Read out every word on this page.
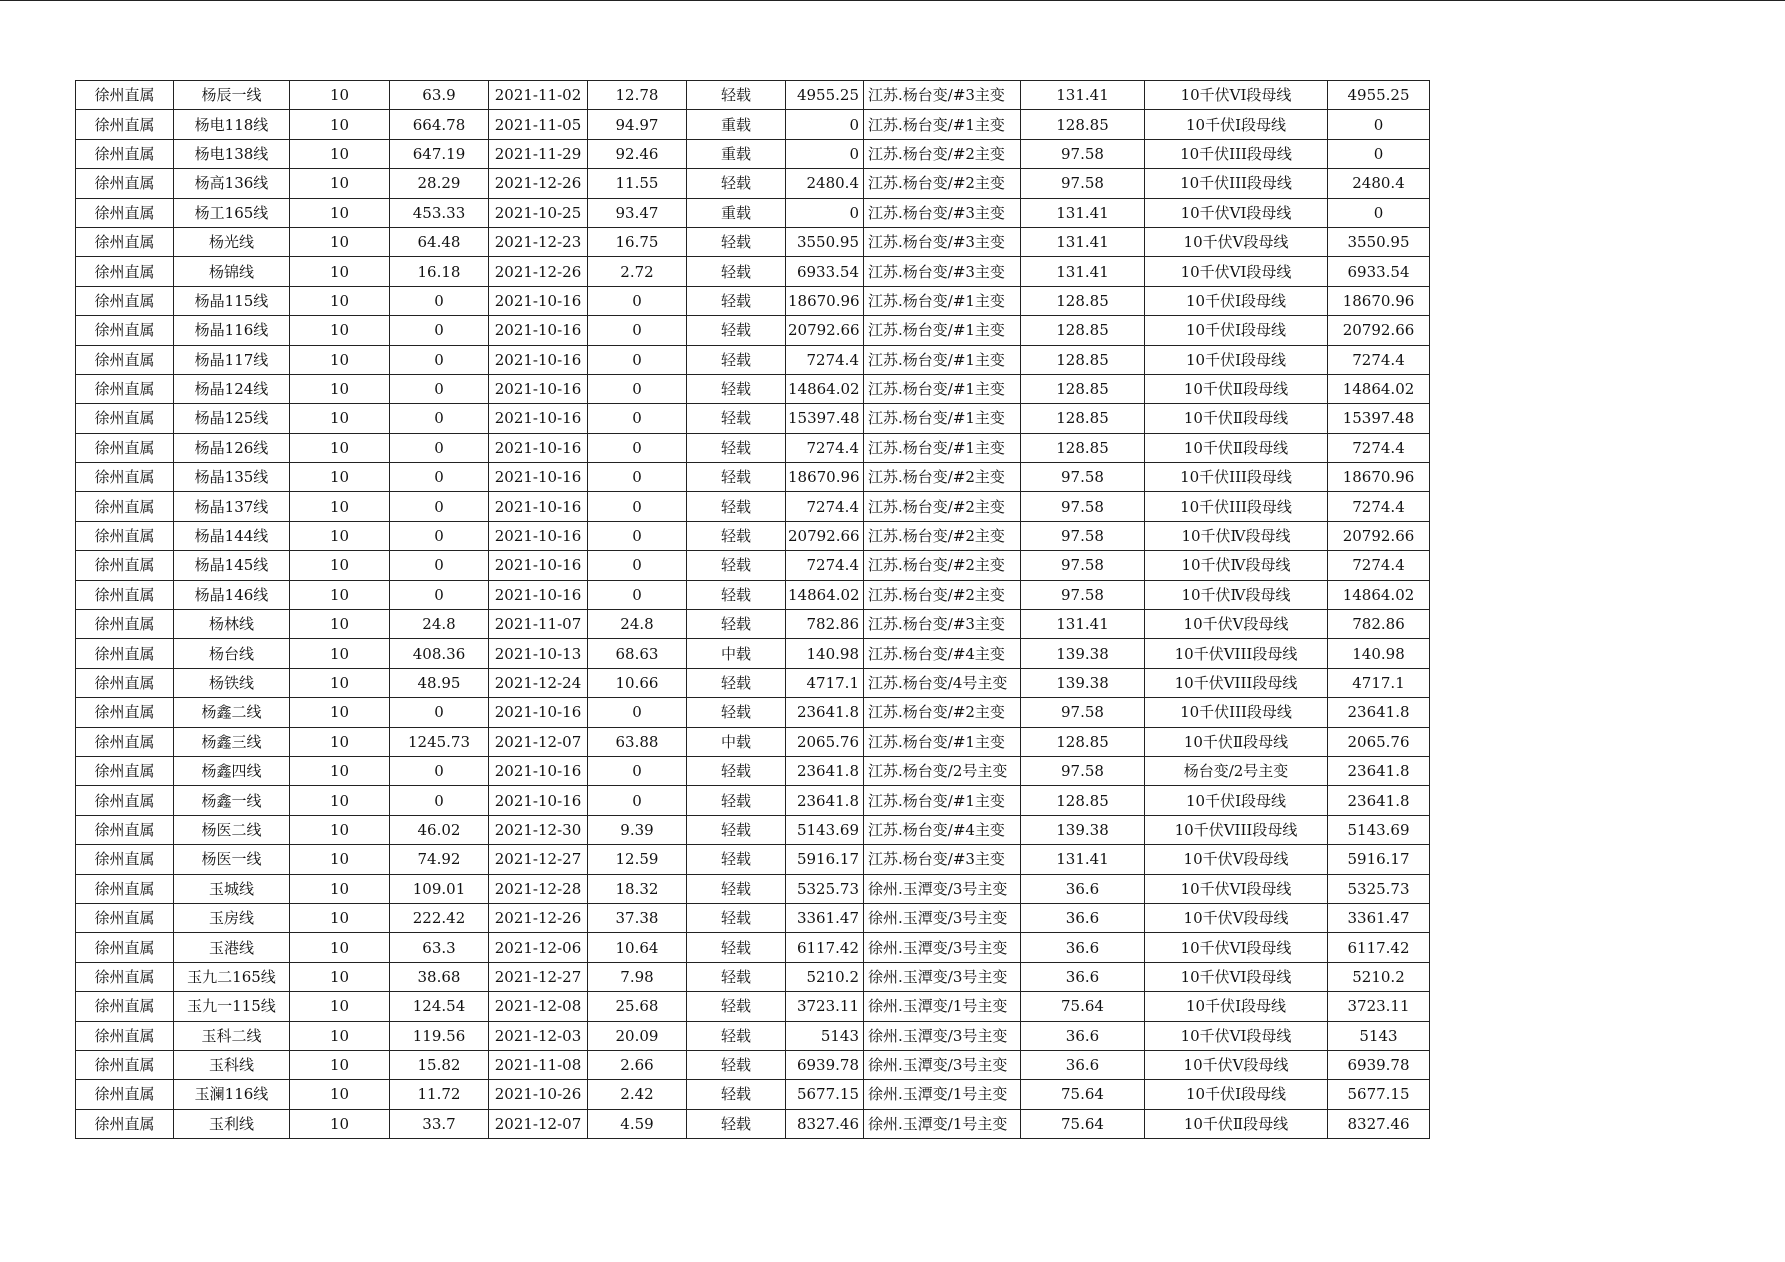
徐州直属	杨辰一线	10	63.9	2021-11-02	12.78	轻载	4955.25	江苏.杨台变/#3主变	131.41	10千伏VI段母线	4955.25
徐州直属	杨电118线	10	664.78	2021-11-05	94.97	重载	0	江苏.杨台变/#1主变	128.85	10千伏Ⅰ段母线	0
徐州直属	杨电138线	10	647.19	2021-11-29	92.46	重载	0	江苏.杨台变/#2主变	97.58	10千伏III段母线	0
徐州直属	杨高136线	10	28.29	2021-12-26	11.55	轻载	2480.4	江苏.杨台变/#2主变	97.58	10千伏III段母线	2480.4
徐州直属	杨工165线	10	453.33	2021-10-25	93.47	重载	0	江苏.杨台变/#3主变	131.41	10千伏VI段母线	0
徐州直属	杨光线	10	64.48	2021-12-23	16.75	轻载	3550.95	江苏.杨台变/#3主变	131.41	10千伏Ⅴ段母线	3550.95
徐州直属	杨锦线	10	16.18	2021-12-26	2.72	轻载	6933.54	江苏.杨台变/#3主变	131.41	10千伏VI段母线	6933.54
徐州直属	杨晶115线	10	0	2021-10-16	0	轻载	18670.96	江苏.杨台变/#1主变	128.85	10千伏Ⅰ段母线	18670.96
徐州直属	杨晶116线	10	0	2021-10-16	0	轻载	20792.66	江苏.杨台变/#1主变	128.85	10千伏Ⅰ段母线	20792.66
徐州直属	杨晶117线	10	0	2021-10-16	0	轻载	7274.4	江苏.杨台变/#1主变	128.85	10千伏Ⅰ段母线	7274.4
徐州直属	杨晶124线	10	0	2021-10-16	0	轻载	14864.02	江苏.杨台变/#1主变	128.85	10千伏Ⅱ段母线	14864.02
徐州直属	杨晶125线	10	0	2021-10-16	0	轻载	15397.48	江苏.杨台变/#1主变	128.85	10千伏Ⅱ段母线	15397.48
徐州直属	杨晶126线	10	0	2021-10-16	0	轻载	7274.4	江苏.杨台变/#1主变	128.85	10千伏Ⅱ段母线	7274.4
徐州直属	杨晶135线	10	0	2021-10-16	0	轻载	18670.96	江苏.杨台变/#2主变	97.58	10千伏III段母线	18670.96
徐州直属	杨晶137线	10	0	2021-10-16	0	轻载	7274.4	江苏.杨台变/#2主变	97.58	10千伏III段母线	7274.4
徐州直属	杨晶144线	10	0	2021-10-16	0	轻载	20792.66	江苏.杨台变/#2主变	97.58	10千伏Ⅳ段母线	20792.66
徐州直属	杨晶145线	10	0	2021-10-16	0	轻载	7274.4	江苏.杨台变/#2主变	97.58	10千伏Ⅳ段母线	7274.4
徐州直属	杨晶146线	10	0	2021-10-16	0	轻载	14864.02	江苏.杨台变/#2主变	97.58	10千伏Ⅳ段母线	14864.02
徐州直属	杨林线	10	24.8	2021-11-07	24.8	轻载	782.86	江苏.杨台变/#3主变	131.41	10千伏Ⅴ段母线	782.86
徐州直属	杨台线	10	408.36	2021-10-13	68.63	中载	140.98	江苏.杨台变/#4主变	139.38	10千伏VIII段母线	140.98
徐州直属	杨铁线	10	48.95	2021-12-24	10.66	轻载	4717.1	江苏.杨台变/4号主变	139.38	10千伏VIII段母线	4717.1
徐州直属	杨鑫二线	10	0	2021-10-16	0	轻载	23641.8	江苏.杨台变/#2主变	97.58	10千伏III段母线	23641.8
徐州直属	杨鑫三线	10	1245.73	2021-12-07	63.88	中载	2065.76	江苏.杨台变/#1主变	128.85	10千伏Ⅱ段母线	2065.76
徐州直属	杨鑫四线	10	0	2021-10-16	0	轻载	23641.8	江苏.杨台变/2号主变	97.58	杨台变/2号主变	23641.8
徐州直属	杨鑫一线	10	0	2021-10-16	0	轻载	23641.8	江苏.杨台变/#1主变	128.85	10千伏Ⅰ段母线	23641.8
徐州直属	杨医二线	10	46.02	2021-12-30	9.39	轻载	5143.69	江苏.杨台变/#4主变	139.38	10千伏VIII段母线	5143.69
徐州直属	杨医一线	10	74.92	2021-12-27	12.59	轻载	5916.17	江苏.杨台变/#3主变	131.41	10千伏Ⅴ段母线	5916.17
徐州直属	玉城线	10	109.01	2021-12-28	18.32	轻载	5325.73	徐州.玉潭变/3号主变	36.6	10千伏VI段母线	5325.73
徐州直属	玉房线	10	222.42	2021-12-26	37.38	轻载	3361.47	徐州.玉潭变/3号主变	36.6	10千伏Ⅴ段母线	3361.47
徐州直属	玉港线	10	63.3	2021-12-06	10.64	轻载	6117.42	徐州.玉潭变/3号主变	36.6	10千伏VI段母线	6117.42
徐州直属	玉九二165线	10	38.68	2021-12-27	7.98	轻载	5210.2	徐州.玉潭变/3号主变	36.6	10千伏VI段母线	5210.2
徐州直属	玉九一115线	10	124.54	2021-12-08	25.68	轻载	3723.11	徐州.玉潭变/1号主变	75.64	10千伏Ⅰ段母线	3723.11
徐州直属	玉科二线	10	119.56	2021-12-03	20.09	轻载	5143	徐州.玉潭变/3号主变	36.6	10千伏VI段母线	5143
徐州直属	玉科线	10	15.82	2021-11-08	2.66	轻载	6939.78	徐州.玉潭变/3号主变	36.6	10千伏Ⅴ段母线	6939.78
徐州直属	玉澜116线	10	11.72	2021-10-26	2.42	轻载	5677.15	徐州.玉潭变/1号主变	75.64	10千伏Ⅰ段母线	5677.15
徐州直属	玉利线	10	33.7	2021-12-07	4.59	轻载	8327.46	徐州.玉潭变/1号主变	75.64	10千伏Ⅱ段母线	8327.46
